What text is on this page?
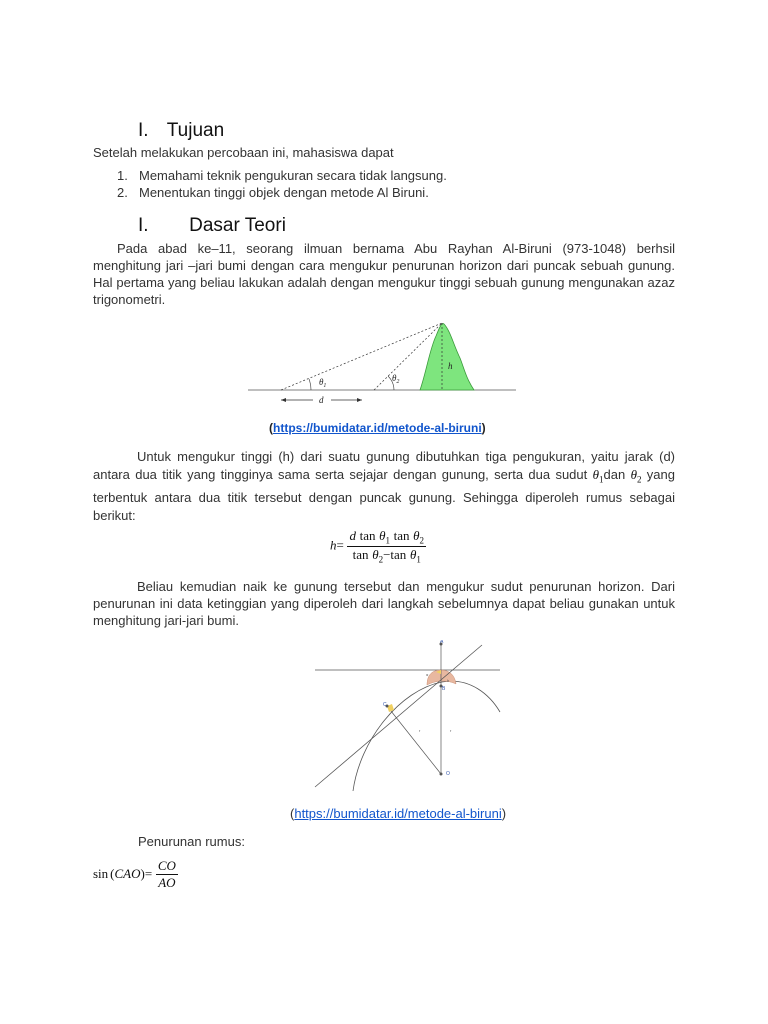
I. Tujuan
Setelah melakukan percobaan ini, mahasiswa dapat
1. Memahami teknik pengukuran secara tidak langsung.
2. Menentukan tinggi objek dengan metode Al Biruni.
I. Dasar Teori
Pada abad ke–11, seorang ilmuan bernama Abu Rayhan Al-Biruni (973-1048) berhsil menghitung jari –jari bumi dengan cara mengukur penurunan horizon dari puncak sebuah gunung. Hal pertama yang beliau lakukan adalah dengan mengukur tinggi sebuah gunung mengunakan azaz trigonometri.
$\theta_1$
$\theta_2$
h
d
(https://bumidatar.id/metode-al-biruni)
Untuk mengukur tinggi (h) dari suatu gunung dibutuhkan tiga pengukuran, yaitu jarak (d) antara dua titik yang tingginya sama serta sejajar dengan gunung, serta dua sudut $\theta_1dan$ $\theta_2$ yang terbentuk antara dua titik tersebut dengan puncak gunung. Sehingga diperoleh rumus sebagai berikut:
$h= \frac{d \tan \theta_1 \tan \theta_2}{\tan \theta_2-\tan \theta_1}$
Beliau kemudian naik ke gunung tersebut dan mengukur sudut penurunan horizon. Dari penurunan ini data ketinggian yang diperoleh dari langkah sebelumnya dapat beliau gunakan untuk menghitung jari-jari bumi.
A
B
C
O
h
r	r
α
(https://bumidatar.id/metode-al-biruni)
Penurunan rumus:
$\sin (CAO)= \frac{CO}{AO}$
